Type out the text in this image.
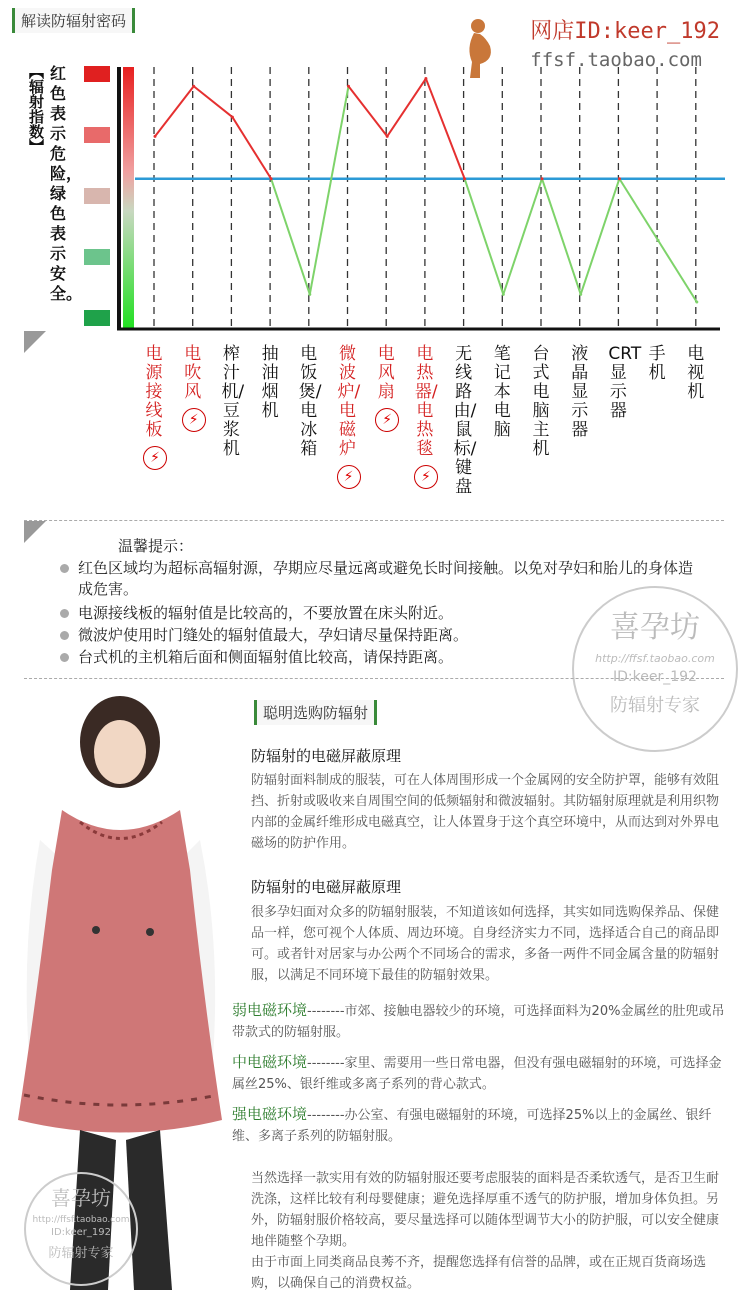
解读防辐射密码	网店ID:keer_192
ffsf.taobao.com
【辐射指数】 红色表示危险，绿色表示安全。
电源接线板
⚡
电吹风
⚡
榨汁机/豆浆机
抽油烟机
电饭煲/电冰箱
微波炉/电磁炉
⚡
电风扇
⚡
电热器/电热毯
⚡
无线路由/鼠标/键盘
笔记本电脑
台式电脑主机
液晶显示器
CRT显示器
手机
电视机
温馨提示：
红色区域均为超标高辐射源，孕期应尽量远离或避免长时间接触。以免对孕妇和胎儿的身体造成危害。
电源接线板的辐射值是比较高的，不要放置在床头附近。
微波炉使用时门缝处的辐射值最大，孕妇请尽量保持距离。
台式机的主机箱后面和侧面辐射值比较高，请保持距离。
喜孕坊
http://ffsf.taobao.com
ID:keer_192
防辐射专家
喜孕坊
http://ffsf.taobao.com
ID:keer_192
防辐射专家
聪明选购防辐射
防辐射的电磁屏蔽原理
防辐射面料制成的服装，可在人体周围形成一个金属网的安全防护罩，能够有效阻挡、折射或吸收来自周围空间的低频辐射和微波辐射。其防辐射原理就是利用织物内部的金属纤维形成电磁真空，让人体置身于这个真空环境中，从而达到对外界电磁场的防护作用。
防辐射的电磁屏蔽原理
很多孕妇面对众多的防辐射服装，不知道该如何选择，其实如同选购保养品、保健品一样，您可视个人体质、周边环境。自身经济实力不同，选择适合自己的商品即可。或者针对居家与办公两个不同场合的需求，多备一两件不同金属含量的防辐射服，以满足不同环境下最佳的防辐射效果。
弱电磁环境--------市郊、接触电器较少的环境，可选择面料为20%金属丝的肚兜或吊带款式的防辐射服。
中电磁环境--------家里、需要用一些日常电器，但没有强电磁辐射的环境，可选择金属丝25%、银纤维或多离子系列的背心款式。
强电磁环境--------办公室、有强电磁辐射的环境，可选择25%以上的金属丝、银纤维、多离子系列的防辐射服。
当然选择一款实用有效的防辐射服还要考虑服装的面料是否柔软透气，是否卫生耐洗涤，这样比较有利母婴健康；避免选择厚重不透气的防护服，增加身体负担。另外，防辐射服价格较高，要尽量选择可以随体型调节大小的防护服，可以安全健康地伴随整个孕期。
由于市面上同类商品良莠不齐，提醒您选择有信誉的品牌，或在正规百货商场选购，以确保自己的消费权益。
